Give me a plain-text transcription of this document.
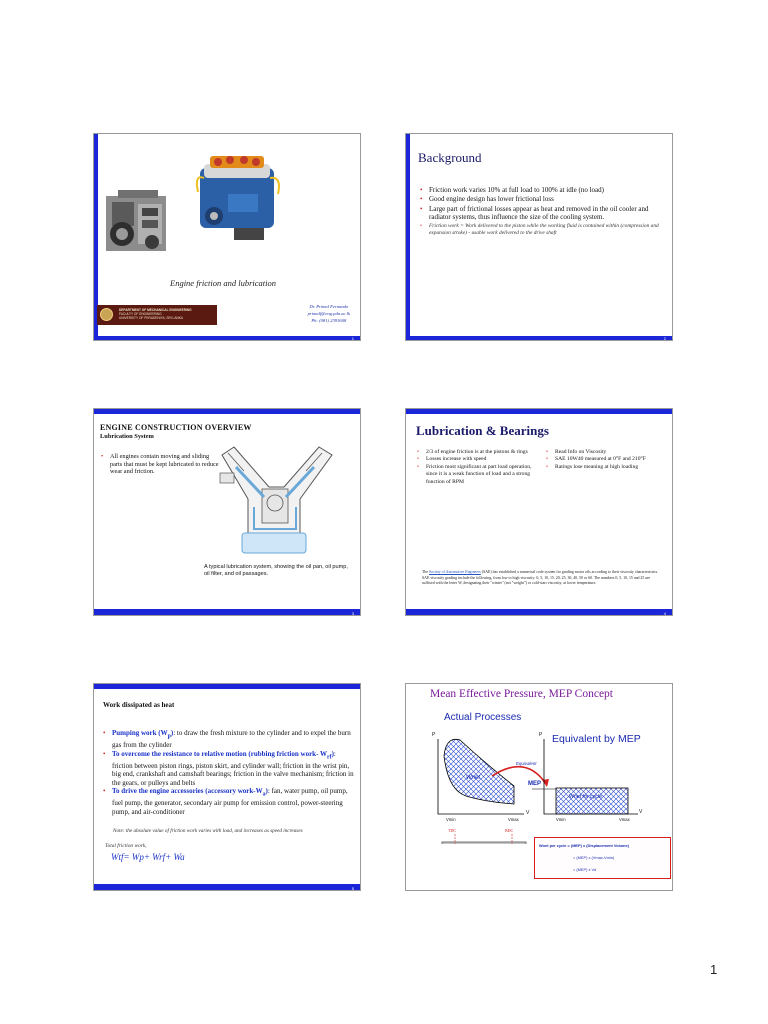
Engine friction and lubrication
DEPARTMENT OF MECHANICAL ENGINEERING
FACULTY OF ENGINEERING
UNIVERSITY OF PERADENIYA, SRI LANKA
Dr. Primal Fernando
primalf@eng.pdn.ac.lk
Ph: (081) 2393608
1
Background
• Friction work varies 10% at full load to 100% at idle (no load)
• Good engine design has lower frictional loss
• Large part of frictional losses appear as heat and removed in the oil cooler and radiator systems, thus influence the size of the cooling system.
• Friction work = Work delivered to the piston while the working fluid is contained within (compression and expansion stroke) - usable work delivered to the drive shaft
2
ENGINE CONSTRUCTION OVERVIEW
Lubrication System
• All engines contain moving and sliding parts that must be kept lubricated to reduce wear and friction.
A typical lubrication system, showing the oil pan, oil pump, oil filter, and oil passages.
3
Lubrication & Bearings
• 2/3 of engine friction is at the pistons & rings
• Losses increase with speed
• Friction most significant at part load operation, since it is a weak function of load and a strong function of RPM
• Read Info on Viscosity
• SAE 10W40 measured at 0°F and 210°F
• Ratings lose meaning at high loading
The Society of Automotive Engineers (SAE) has established a numerical code system for grading motor oils according to their viscosity characteristics. SAE viscosity grading include the following, from low to high viscosity: 0, 5, 10, 15, 20, 25, 30, 40, 50 or 60. The numbers 0, 5, 10, 15 and 25 are suffixed with the letter W, designating their "winter" (not "weight") or cold-start viscosity, at lower temperature.
4
Work dissipated as heat
• Pumping work $(W_p)$: to draw the fresh mixture to the cylinder and to expel the burn gas from the cylinder
• To overcome the resistance to relative motion (rubbing friction work- $W_{rf}$): friction between piston rings, piston skirt, and cylinder wall; friction in the wrist pin, big end, crankshaft and camshaft bearings; friction in the valve mechanism; friction in the gears, or pulleys and belts
• To drive the engine accessories (accessory work-$W_a$): fan, water pump, oil pump, fuel pump, the generator, secondary air pump for emission control, power-steering pump, and air-conditioner
Note: the absolute value of friction work varies with load, and increases as speed increases
Total friction work,
Wtf= Wp+ Wrf+ Wa
5
Mean Effective Pressure, MEP Concept
Actual Processes
Equivalent by MEP
P	P
V	V
Wnet
Equivalent
MEP
Wnet for cycle
Vmin	Vmax	Vmin	Vmax
TDC	BDC
Wnet per cycle = (MEP) x (Displacement Volume)
= (MEP) x (Vmax-Vmin)
= (MEP) x Vd
1
